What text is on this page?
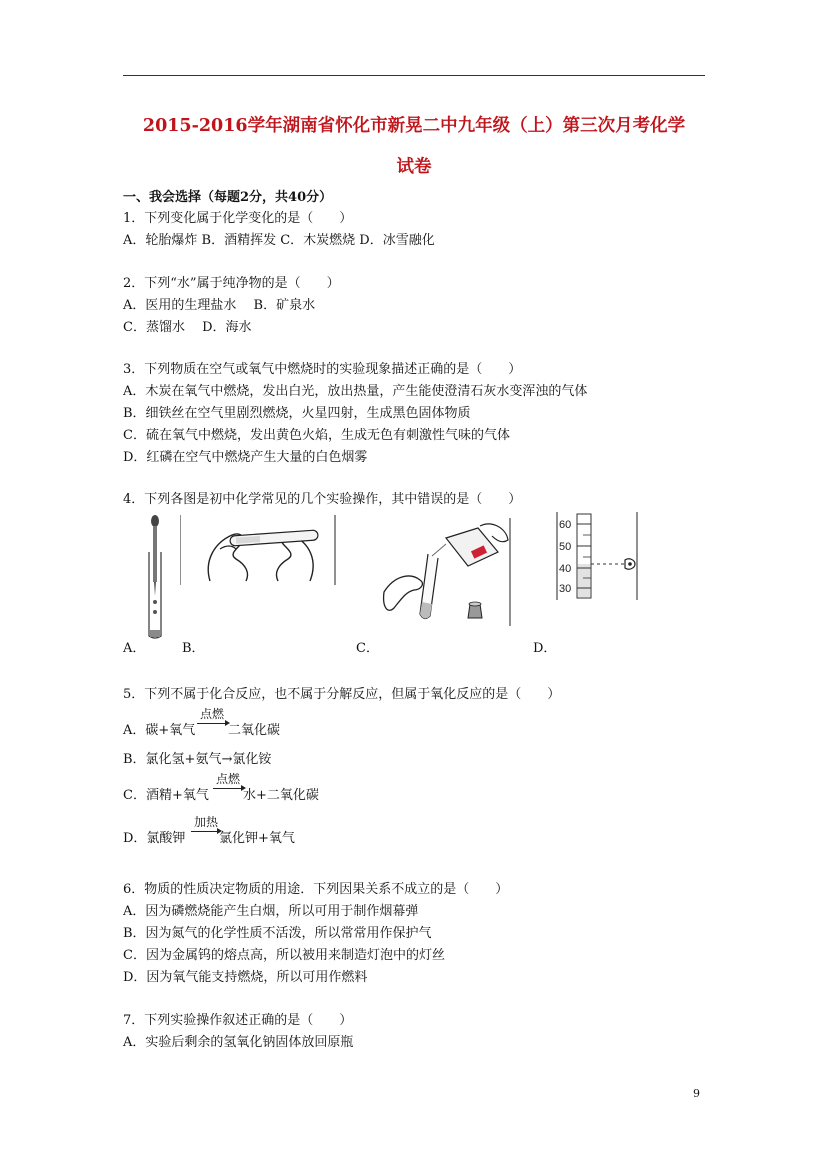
2015-2016学年湖南省怀化市新晃二中九年级（上）第三次月考化学
试卷
一、我会选择（每题2分，共40分）
1．下列变化属于化学变化的是（　　）
A．轮胎爆炸 B．酒精挥发 C．木炭燃烧 D．冰雪融化
2．下列“水”属于纯净物的是（　　）
A．医用的生理盐水　 B．矿泉水
C．蒸馏水　 D．海水
3．下列物质在空气或氧气中燃烧时的实验现象描述正确的是（　　）
A．木炭在氧气中燃烧，发出白光，放出热量，产生能使澄清石灰水变浑浊的气体
B．细铁丝在空气里剧烈燃烧，火星四射，生成黑色固体物质
C．硫在氧气中燃烧，发出黄色火焰，生成无色有刺激性气味的气体
D．红磷在空气中燃烧产生大量的白色烟雾
4．下列各图是初中化学常见的几个实验操作，其中错误的是（　　）
60
50
40
30
A．	B．	C．	D．
5．下列不属于化合反应，也不属于分解反应，但属于氧化反应的是（　　）
A．碳+氧气
点燃
二氧化碳
B．氯化氢+氨气→氯化铵
C．酒精+氧气
点燃
水+二氧化碳
D．氯酸钾
加热
氯化钾+氧气
6．物质的性质决定物质的用途．下列因果关系不成立的是（　　）
A．因为磷燃烧能产生白烟，所以可用于制作烟幕弹
B．因为氮气的化学性质不活泼，所以常常用作保护气
C．因为金属钨的熔点高，所以被用来制造灯泡中的灯丝
D．因为氧气能支持燃烧，所以可用作燃料
7．下列实验操作叙述正确的是（　　）
A．实验后剩余的氢氧化钠固体放回原瓶
9
